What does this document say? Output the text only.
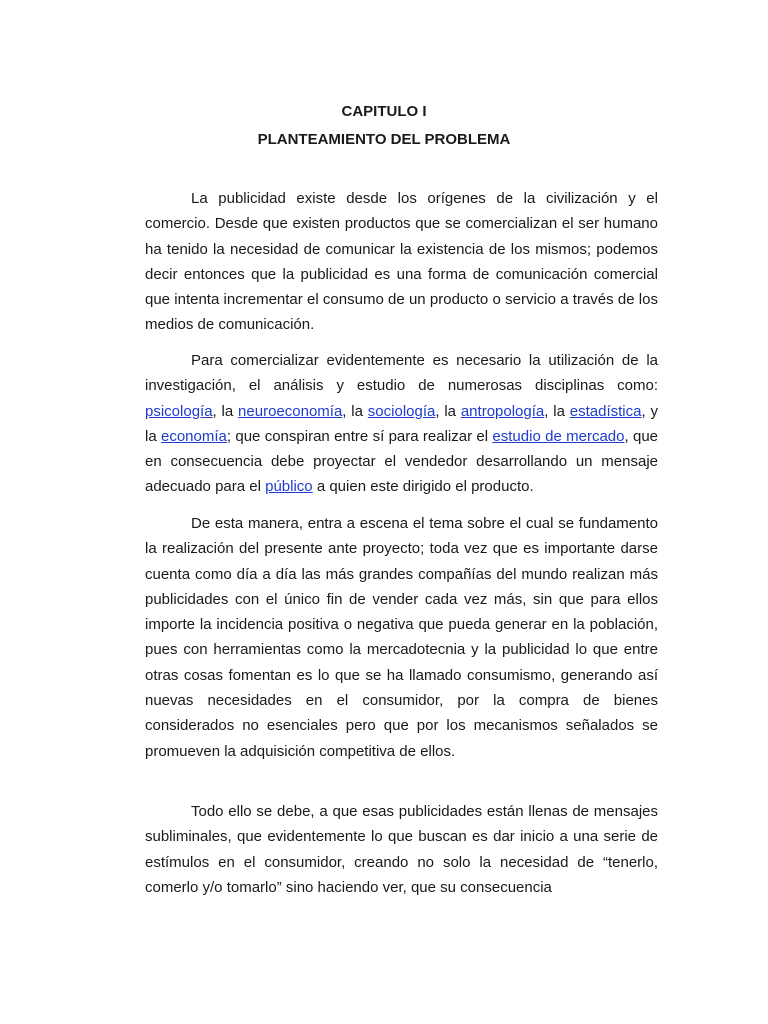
CAPITULO I
PLANTEAMIENTO DEL PROBLEMA

La publicidad existe desde los orígenes de la civilización y el comercio. Desde que existen productos que se comercializan el ser humano ha tenido la necesidad de comunicar la existencia de los mismos; podemos decir entonces que la publicidad es una forma de comunicación comercial que intenta incrementar el consumo de un producto o servicio a través de los medios de comunicación.

Para comercializar evidentemente es necesario la utilización de la investigación, el análisis y estudio de numerosas disciplinas como: psicología, la neuroeconomía, la sociología, la antropología, la estadística, y la economía; que conspiran entre sí para realizar el estudio de mercado, que en consecuencia debe proyectar el vendedor desarrollando un mensaje adecuado para el público a quien este dirigido el producto.

De esta manera, entra a escena el tema sobre el cual se fundamento la realización del presente ante proyecto; toda vez que es importante darse cuenta como día a día las más grandes compañías del mundo realizan más publicidades con el único fin de vender cada vez más, sin que para ellos importe la incidencia positiva o negativa que pueda generar en la población, pues con herramientas como la mercadotecnia y la publicidad lo que entre otras cosas fomentan es lo que se ha llamado consumismo, generando así nuevas necesidades en el consumidor, por la compra de bienes considerados no esenciales pero que por los mecanismos señalados se promueven la adquisición competitiva de ellos.

Todo ello se debe, a que esas publicidades están llenas de mensajes subliminales, que evidentemente lo que buscan es dar inicio a una serie de estímulos en el consumidor, creando no solo la necesidad de “tenerlo, comerlo y/o tomarlo” sino haciendo ver, que su consecuencia
